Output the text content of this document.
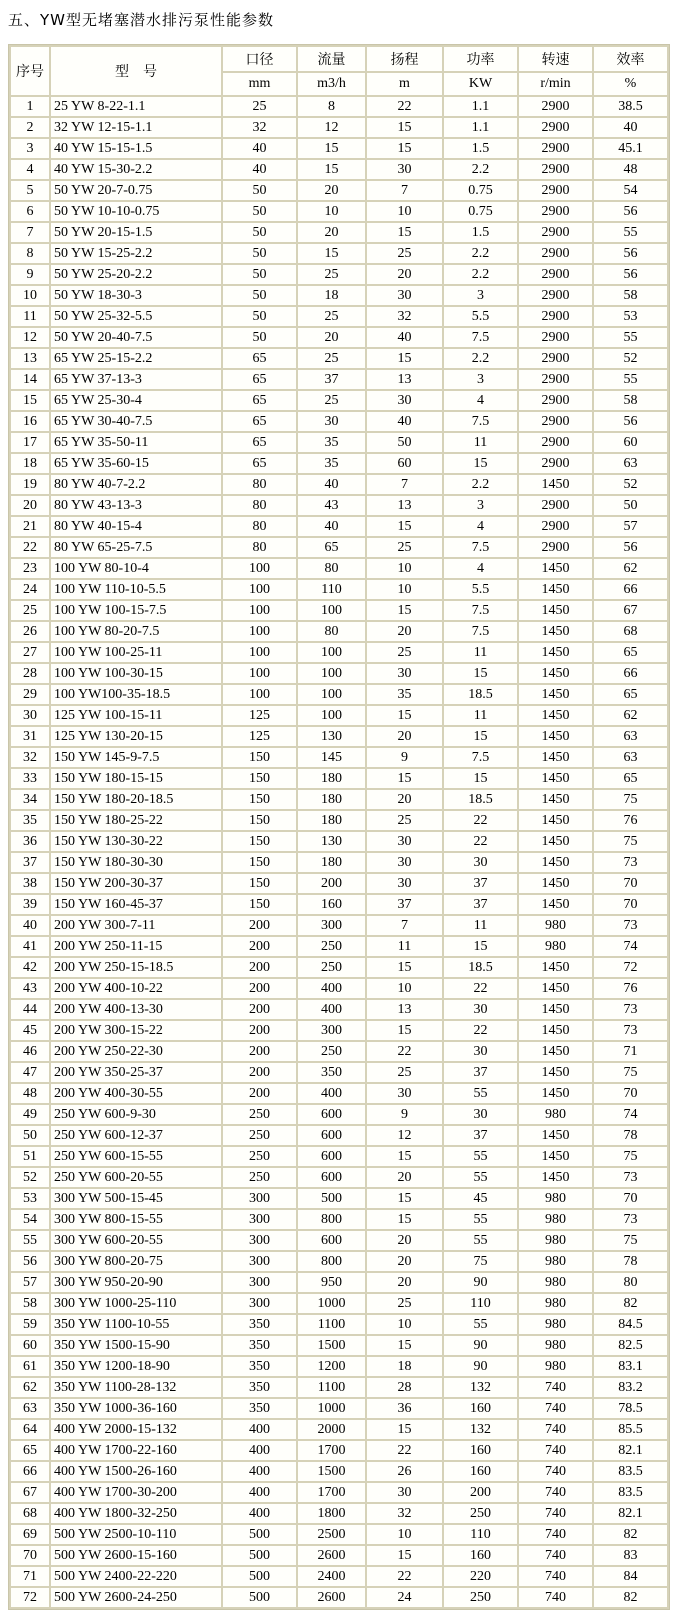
五、YW型无堵塞潜水排污泵性能参数
序号	型　号	口径	流量	扬程	功率	转速	效率
		mm	m3/h	m	KW	r/min	%
1	25 YW 8-22-1.1	25	8	22	1.1	2900	38.5
2	32 YW 12-15-1.1	32	12	15	1.1	2900	40
3	40 YW 15-15-1.5	40	15	15	1.5	2900	45.1
4	40 YW 15-30-2.2	40	15	30	2.2	2900	48
5	50 YW 20-7-0.75	50	20	7	0.75	2900	54
6	50 YW 10-10-0.75	50	10	10	0.75	2900	56
7	50 YW 20-15-1.5	50	20	15	1.5	2900	55
8	50 YW 15-25-2.2	50	15	25	2.2	2900	56
9	50 YW 25-20-2.2	50	25	20	2.2	2900	56
10	50 YW 18-30-3	50	18	30	3	2900	58
11	50 YW 25-32-5.5	50	25	32	5.5	2900	53
12	50 YW 20-40-7.5	50	20	40	7.5	2900	55
13	65 YW 25-15-2.2	65	25	15	2.2	2900	52
14	65 YW 37-13-3	65	37	13	3	2900	55
15	65 YW 25-30-4	65	25	30	4	2900	58
16	65 YW 30-40-7.5	65	30	40	7.5	2900	56
17	65 YW 35-50-11	65	35	50	11	2900	60
18	65 YW 35-60-15	65	35	60	15	2900	63
19	80 YW 40-7-2.2	80	40	7	2.2	1450	52
20	80 YW 43-13-3	80	43	13	3	2900	50
21	80 YW 40-15-4	80	40	15	4	2900	57
22	80 YW 65-25-7.5	80	65	25	7.5	2900	56
23	100 YW 80-10-4	100	80	10	4	1450	62
24	100 YW 110-10-5.5	100	110	10	5.5	1450	66
25	100 YW 100-15-7.5	100	100	15	7.5	1450	67
26	100 YW 80-20-7.5	100	80	20	7.5	1450	68
27	100 YW 100-25-11	100	100	25	11	1450	65
28	100 YW 100-30-15	100	100	30	15	1450	66
29	100 YW100-35-18.5	100	100	35	18.5	1450	65
30	125 YW 100-15-11	125	100	15	11	1450	62
31	125 YW 130-20-15	125	130	20	15	1450	63
32	150 YW 145-9-7.5	150	145	9	7.5	1450	63
33	150 YW 180-15-15	150	180	15	15	1450	65
34	150 YW 180-20-18.5	150	180	20	18.5	1450	75
35	150 YW 180-25-22	150	180	25	22	1450	76
36	150 YW 130-30-22	150	130	30	22	1450	75
37	150 YW 180-30-30	150	180	30	30	1450	73
38	150 YW 200-30-37	150	200	30	37	1450	70
39	150 YW 160-45-37	150	160	37	37	1450	70
40	200 YW 300-7-11	200	300	7	11	980	73
41	200 YW 250-11-15	200	250	11	15	980	74
42	200 YW 250-15-18.5	200	250	15	18.5	1450	72
43	200 YW 400-10-22	200	400	10	22	1450	76
44	200 YW 400-13-30	200	400	13	30	1450	73
45	200 YW 300-15-22	200	300	15	22	1450	73
46	200 YW 250-22-30	200	250	22	30	1450	71
47	200 YW 350-25-37	200	350	25	37	1450	75
48	200 YW 400-30-55	200	400	30	55	1450	70
49	250 YW 600-9-30	250	600	9	30	980	74
50	250 YW 600-12-37	250	600	12	37	1450	78
51	250 YW 600-15-55	250	600	15	55	1450	75
52	250 YW 600-20-55	250	600	20	55	1450	73
53	300 YW 500-15-45	300	500	15	45	980	70
54	300 YW 800-15-55	300	800	15	55	980	73
55	300 YW 600-20-55	300	600	20	55	980	75
56	300 YW 800-20-75	300	800	20	75	980	78
57	300 YW 950-20-90	300	950	20	90	980	80
58	300 YW 1000-25-110	300	1000	25	110	980	82
59	350 YW 1100-10-55	350	1100	10	55	980	84.5
60	350 YW 1500-15-90	350	1500	15	90	980	82.5
61	350 YW 1200-18-90	350	1200	18	90	980	83.1
62	350 YW 1100-28-132	350	1100	28	132	740	83.2
63	350 YW 1000-36-160	350	1000	36	160	740	78.5
64	400 YW 2000-15-132	400	2000	15	132	740	85.5
65	400 YW 1700-22-160	400	1700	22	160	740	82.1
66	400 YW 1500-26-160	400	1500	26	160	740	83.5
67	400 YW 1700-30-200	400	1700	30	200	740	83.5
68	400 YW 1800-32-250	400	1800	32	250	740	82.1
69	500 YW 2500-10-110	500	2500	10	110	740	82
70	500 YW 2600-15-160	500	2600	15	160	740	83
71	500 YW 2400-22-220	500	2400	22	220	740	84
72	500 YW 2600-24-250	500	2600	24	250	740	82
